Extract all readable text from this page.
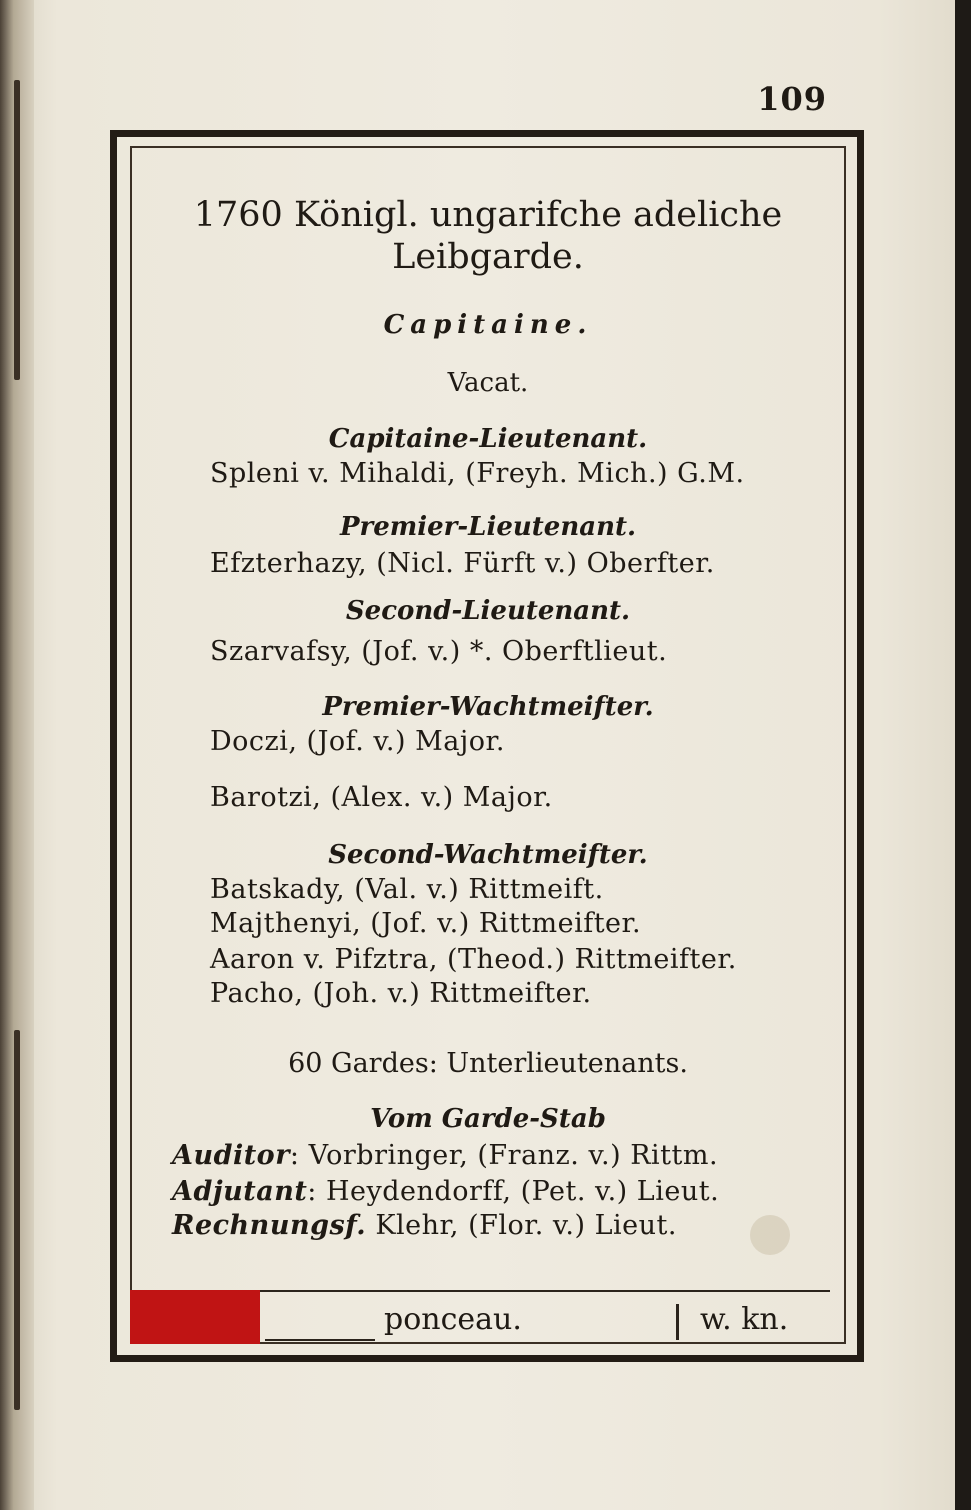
109
1760 Königl. ungarifche adeliche
Leibgarde.
Capitaine.
Vacat.
Capitaine-Lieutenant.
Spleni v. Mihaldi, (Freyh. Mich.) G.M.
Premier-Lieutenant.
Efzterhazy, (Nicl. Fürft v.) Oberfter.
Second-Lieutenant.
Szarvafsy, (Jof. v.) *. Oberftlieut.
Premier-Wachtmeifter.
Doczi, (Jof. v.) Major.
Barotzi, (Alex. v.) Major.
Second-Wachtmeifter.
Batskady, (Val. v.) Rittmeift.
Majthenyi, (Jof. v.) Rittmeifter.
Aaron v. Pifztra, (Theod.) Rittmeifter.
Pacho, (Joh. v.) Rittmeifter.
60 Gardes: Unterlieutenants.
Vom Garde-Stab
Auditor: Vorbringer, (Franz. v.) Rittm.
Adjutant: Heydendorff, (Pet. v.) Lieut.
Rechnungsf. Klehr, (Flor. v.) Lieut.
ponceau.	w. kn.
